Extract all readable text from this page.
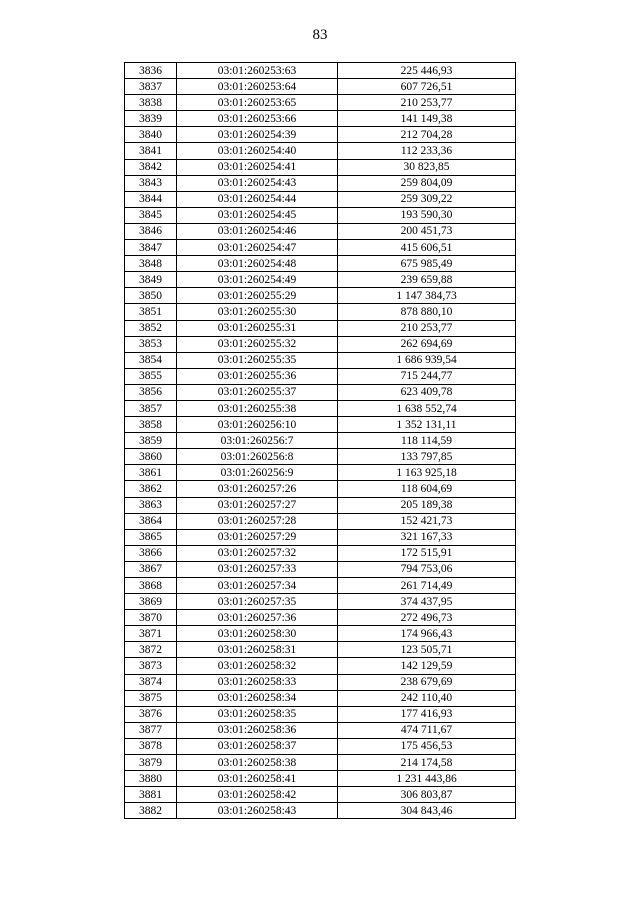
83
3836	03:01:260253:63	225 446,93
3837	03:01:260253:64	607 726,51
3838	03:01:260253:65	210 253,77
3839	03:01:260253:66	141 149,38
3840	03:01:260254:39	212 704,28
3841	03:01:260254:40	112 233,36
3842	03:01:260254:41	30 823,85
3843	03:01:260254:43	259 804,09
3844	03:01:260254:44	259 309,22
3845	03:01:260254:45	193 590,30
3846	03:01:260254:46	200 451,73
3847	03:01:260254:47	415 606,51
3848	03:01:260254:48	675 985,49
3849	03:01:260254:49	239 659,88
3850	03:01:260255:29	1 147 384,73
3851	03:01:260255:30	878 880,10
3852	03:01:260255:31	210 253,77
3853	03:01:260255:32	262 694,69
3854	03:01:260255:35	1 686 939,54
3855	03:01:260255:36	715 244,77
3856	03:01:260255:37	623 409,78
3857	03:01:260255:38	1 638 552,74
3858	03:01:260256:10	1 352 131,11
3859	03:01:260256:7	118 114,59
3860	03:01:260256:8	133 797,85
3861	03:01:260256:9	1 163 925,18
3862	03:01:260257:26	118 604,69
3863	03:01:260257:27	205 189,38
3864	03:01:260257:28	152 421,73
3865	03:01:260257:29	321 167,33
3866	03:01:260257:32	172 515,91
3867	03:01:260257:33	794 753,06
3868	03:01:260257:34	261 714,49
3869	03:01:260257:35	374 437,95
3870	03:01:260257:36	272 496,73
3871	03:01:260258:30	174 966,43
3872	03:01:260258:31	123 505,71
3873	03:01:260258:32	142 129,59
3874	03:01:260258:33	238 679,69
3875	03:01:260258:34	242 110,40
3876	03:01:260258:35	177 416,93
3877	03:01:260258:36	474 711,67
3878	03:01:260258:37	175 456,53
3879	03:01:260258:38	214 174,58
3880	03:01:260258:41	1 231 443,86
3881	03:01:260258:42	306 803,87
3882	03:01:260258:43	304 843,46
